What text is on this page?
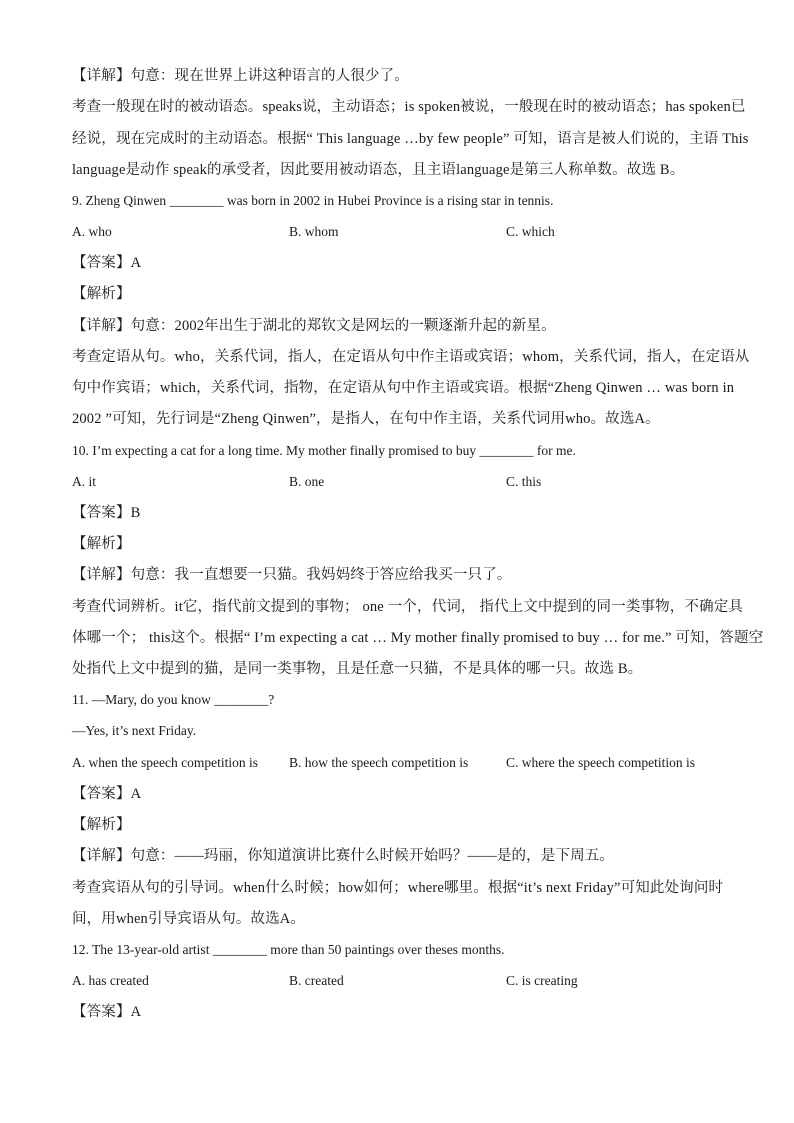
【详解】句意：现在世界上讲这种语言的人很少了。
考查一般现在时的被动语态。speaks说，主动语态；is spoken被说，一般现在时的被动语态；has spoken已
经说，现在完成时的主动语态。根据“ This language …by few people” 可知，语言是被人们说的，主语 This
language是动作 speak的承受者，因此要用被动语态，且主语language是第三人称单数。故选 B。
9. Zheng Qinwen ________ was born in 2002 in Hubei Province is a rising star in tennis.
A. who	B. whom	C. which
【答案】A
【解析】
【详解】句意：2002年出生于湖北的郑钦文是网坛的一颗逐渐升起的新星。
考查定语从句。who，关系代词，指人，在定语从句中作主语或宾语；whom，关系代词，指人，在定语从
句中作宾语；which，关系代词，指物，在定语从句中作主语或宾语。根据“Zheng Qinwen … was born in
2002 ”可知，先行词是“Zheng Qinwen”，是指人，在句中作主语，关系代词用who。故选A。
10. I’m expecting a cat for a long time. My mother finally promised to buy ________ for me.
A. it	B. one	C. this
【答案】B
【解析】
【详解】句意：我一直想要一只猫。我妈妈终于答应给我买一只了。
考查代词辨析。it它，指代前文提到的事物； one 一个，代词， 指代上文中提到的同一类事物，不确定具
体哪一个； this这个。根据“ I’m expecting a cat … My mother finally promised to buy … for me.” 可知，答题空
处指代上文中提到的猫，是同一类事物，且是任意一只猫，不是具体的哪一只。故选 B。
11. —Mary, do you know ________?
—Yes, it’s next Friday.
A. when the speech competition is B. how the speech competition is	C. where the speech competition is
【答案】A
【解析】
【详解】句意：——玛丽，你知道演讲比赛什么时候开始吗？——是的，是下周五。
考查宾语从句的引导词。when什么时候；how如何；where哪里。根据“it’s next Friday”可知此处询问时
间，用when引导宾语从句。故选A。
12. The 13-year-old artist ________ more than 50 paintings over theses months.
A. has created	B. created	C. is creating
【答案】A
